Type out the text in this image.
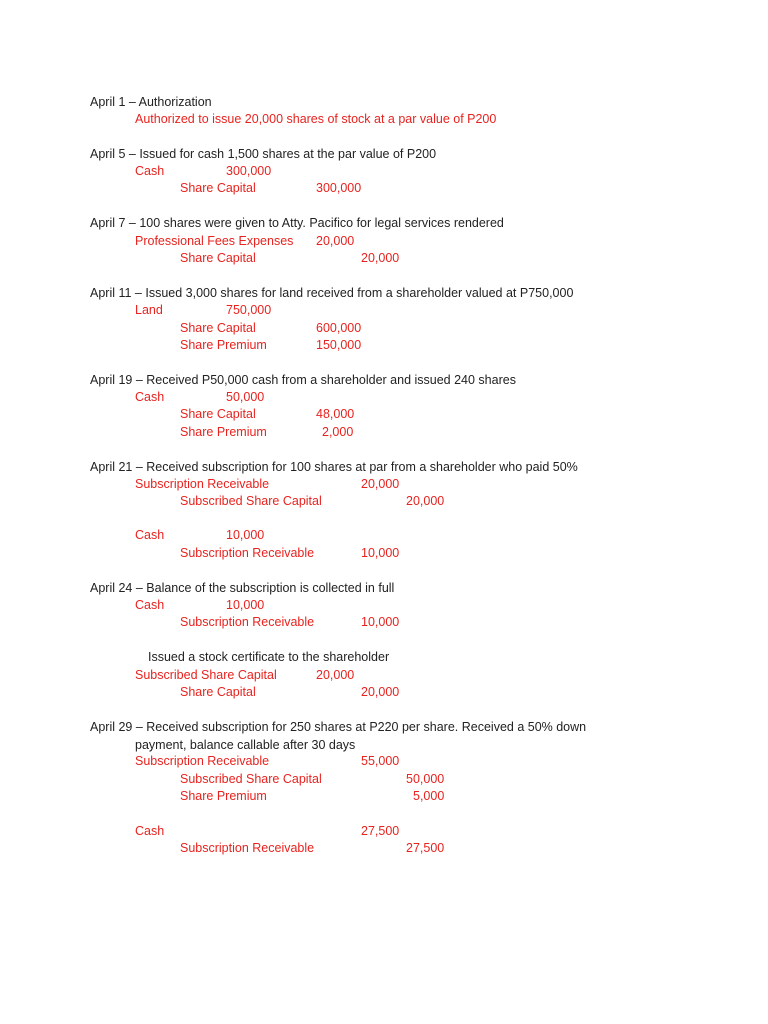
April 1 – Authorization
Authorized to issue 20,000 shares of stock at a par value of P200
April 5 – Issued for cash 1,500 shares at the par value of P200
Cash	300,000
Share Capital	300,000
April 7 – 100 shares were given to Atty. Pacifico for legal services rendered
Professional Fees Expenses 20,000
Share Capital	20,000
April 11 – Issued 3,000 shares for land received from a shareholder valued at P750,000
Land	750,000
Share Capital	600,000
Share Premium	150,000
April 19 – Received P50,000 cash from a shareholder and issued 240 shares
Cash	50,000
Share Capital	48,000
Share Premium	2,000
April 21 – Received subscription for 100 shares at par from a shareholder who paid 50%
Subscription Receivable	20,000
Subscribed Share Capital	20,000
Cash	10,000
Subscription Receivable	10,000
April 24 – Balance of the subscription is collected in full
Cash	10,000
Subscription Receivable	10,000
Issued a stock certificate to the shareholder
Subscribed Share Capital	20,000
Share Capital	20,000
April 29 – Received subscription for 250 shares at P220 per share. Received a 50% down
payment, balance callable after 30 days
Subscription Receivable	55,000
Subscribed Share Capital	50,000
Share Premium	5,000
Cash	27,500
Subscription Receivable	27,500
